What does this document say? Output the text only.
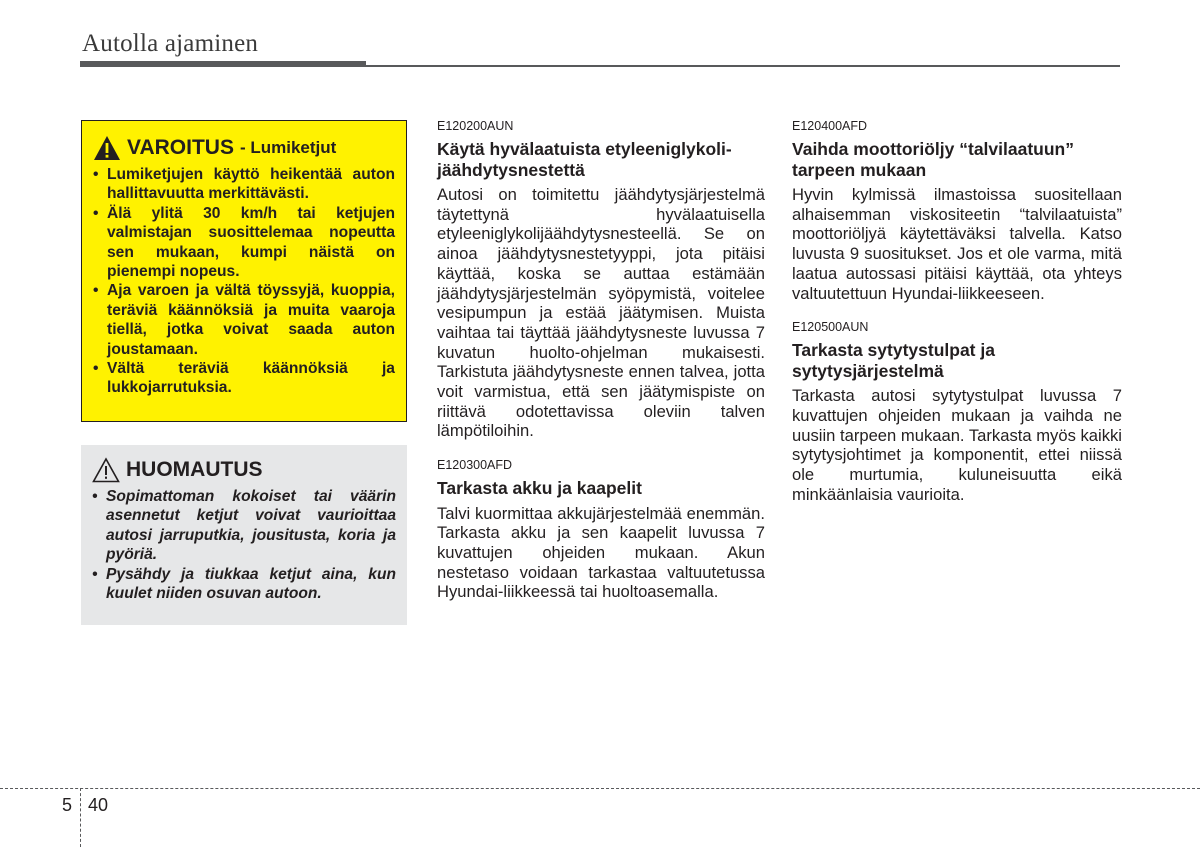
Autolla ajaminen
VAROITUS - Lumiketjut
• Lumiketjujen käyttö heikentää auton hallittavuutta merkittävästi.
• Älä ylitä 30 km/h tai ketjujen valmistajan suosittelemaa nopeutta sen mukaan, kumpi näistä on pienempi nopeus.
• Aja varoen ja vältä töyssyjä, kuoppia, teräviä käännöksiä ja muita vaaroja tiellä, jotka voivat saada auton joustamaan.
• Vältä teräviä käännöksiä ja lukkojarrutuksia.
HUOMAUTUS
• Sopimattoman kokoiset tai väärin asennetut ketjut voivat vaurioittaa autosi jarruputkia, jousitusta, koria ja pyöriä.
• Pysähdy ja tiukkaa ketjut aina, kun kuulet niiden osuvan autoon.
E120200AUN
Käytä hyvälaatuista etyleeniglykoli-jäähdytysnestettä

Autosi on toimitettu jäähdytysjärjestelmä täytettynä hyvälaatuisella etyleeniglykolijäähdytysnesteellä. Se on ainoa jäähdytysnestetyyppi, jota pitäisi käyttää, koska se auttaa estämään jäähdytysjärjestelmän syöpymistä, voitelee vesipumpun ja estää jäätymisen. Muista vaihtaa tai täyttää jäähdytysneste luvussa 7 kuvatun huolto-ohjelman mukaisesti. Tarkistuta jäähdytysneste ennen talvea, jotta voit varmistua, että sen jäätymispiste on riittävä odotettavissa oleviin talven lämpötiloihin.

E120300AFD
Tarkasta akku ja kaapelit

Talvi kuormittaa akkujärjestelmää enemmän. Tarkasta akku ja sen kaapelit luvussa 7 kuvattujen ohjeiden mukaan. Akun nestetaso voidaan tarkastaa valtuutetussa Hyundai-liikkeessä tai huoltoasemalla.

E120400AFD
Vaihda moottoriöljy “talvilaatuun” tarpeen mukaan

Hyvin kylmissä ilmastoissa suositellaan alhaisemman viskositeetin “talvilaatuista” moottoriöljyä käytettäväksi talvella. Katso luvusta 9 suositukset. Jos et ole varma, mitä laatua autossasi pitäisi käyttää, ota yhteys valtuutettuun Hyundai-liikkeeseen.

E120500AUN
Tarkasta sytytystulpat ja sytytysjärjestelmä

Tarkasta autosi sytytystulpat luvussa 7 kuvattujen ohjeiden mukaan ja vaihda ne uusiin tarpeen mukaan. Tarkasta myös kaikki sytytysjohtimet ja komponentit, ettei niissä ole murtumia, kuluneisuutta eikä minkäänlaisia vaurioita.

5 40
